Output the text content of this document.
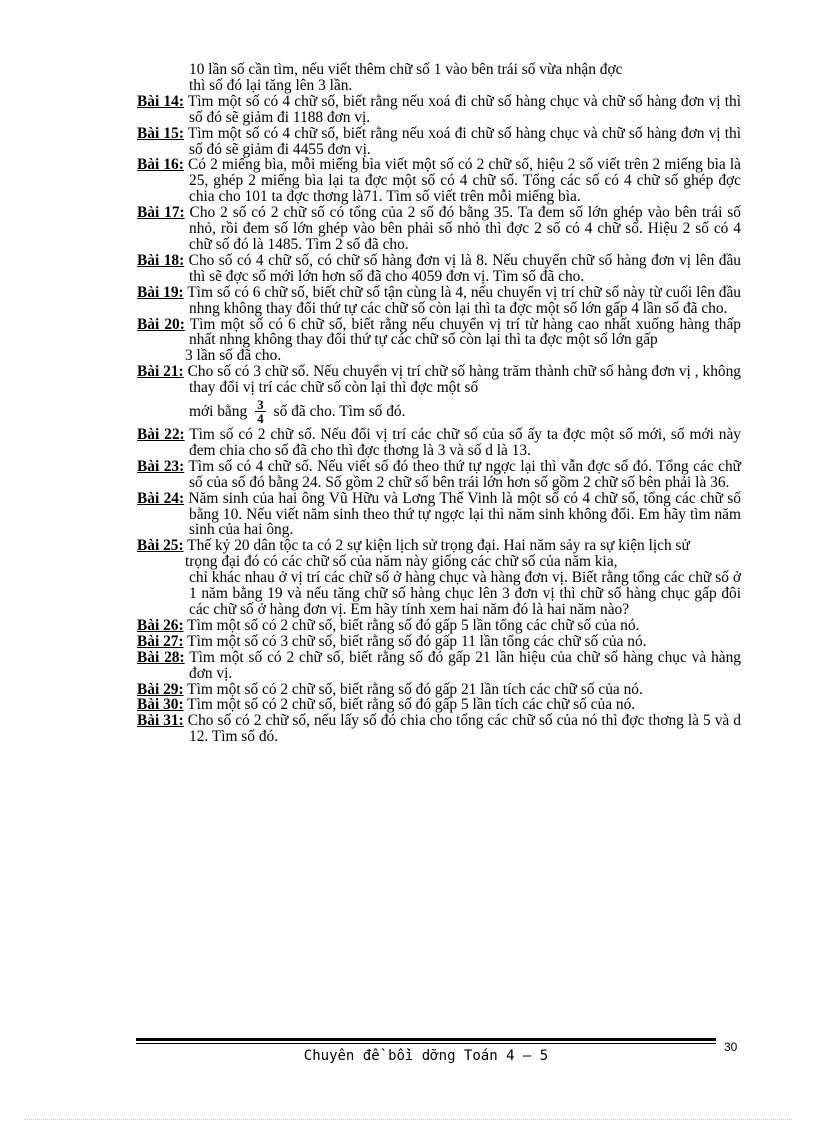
10 lần số cần tìm, nếu viết thêm chữ số 1 vào bên trái số vừa nhận đợc
thì số đó lại tăng lên 3 lần.
Bài 14: Tìm một số có 4 chữ số, biết rằng nếu xoá đi chữ số hàng chục và chữ số hàng đơn vị thì số đó sẽ giảm đi 1188 đơn vị.
Bài 15: Tìm một số có 4 chữ số, biết rằng nếu xoá đi chữ số hàng chục và chữ số hàng đơn vị thì số đó sẽ giảm đi 4455 đơn vị.
Bài 16: Có 2 miếng bìa, mỗi miếng bìa viết một số có 2 chữ số, hiệu 2 số viết trên 2 miếng bìa là 25, ghép 2 miếng bìa lại ta đợc một số có 4 chữ số. Tổng các số có 4 chữ số ghép đợc chia cho 101 ta đợc thơng là71. Tìm số viết trên mỗi miếng bìa.
Bài 17: Cho 2 số có 2 chữ số có tổng của 2 số đó bằng 35. Ta đem số lớn ghép vào bên trái số nhỏ, rồi đem số lớn ghép vào bên phải số nhỏ thì đợc 2 số có 4 chữ số. Hiệu 2 số có 4 chữ số đó là 1485. Tìm 2 số đã cho.
Bài 18: Cho số có 4 chữ số, có chữ số hàng đơn vị là 8. Nếu chuyển chữ số hàng đơn vị lên đầu thì sẽ đợc số mới lớn hơn số đã cho 4059 đơn vị. Tìm số đã cho.
Bài 19: Tìm số có 6 chữ số, biết chữ số tận cùng là 4, nếu chuyển vị trí chữ số này từ cuối lên đầu nhng không thay đổi thứ tự các chữ số còn lại thì ta đợc một số lớn gấp 4 lần số đã cho.
Bài 20: Tìm một số có 6 chữ số, biết rằng nếu chuyển vị trí từ hàng cao nhất xuống hàng thấp nhất nhng không thay đổi thứ tự các chữ số còn lại thì ta đợc một số lớn gấp
3 lần số đã cho.
Bài 21: Cho số có 3 chữ số. Nếu chuyển vị trí chữ số hàng trăm thành chữ số hàng đơn vị , không thay đổi vị trí các chữ số còn lại thì đợc một số
mới bằng $\frac{3}{4}$ số đã cho. Tìm số đó.
Bài 22: Tìm số có 2 chữ số. Nếu đổi vị trí các chữ số của số ấy ta đợc một số mới, số mới này đem chia cho số đã cho thì đợc thơng là 3 và số d là 13.
Bài 23: Tìm số có 4 chữ số. Nếu viết số đó theo thứ tự ngợc lại thì vẫn đợc số đó. Tổng các chữ số của số đó bằng 24. Số gồm 2 chữ số bên trái lớn hơn số gồm 2 chữ số bên phải là 36.
Bài 24: Năm sinh của hai ông Vũ Hữu và Lơng Thế Vinh là một số có 4 chữ số, tổng các chữ số bằng 10. Nếu viết năm sinh theo thứ tự ngợc lại thì năm sinh không đổi. Em hãy tìm năm sinh của hai ông.
Bài 25: Thế kỷ 20 dân tộc ta có 2 sự kiện lịch sử trọng đại. Hai năm sảy ra sự kiện lịch sử
trọng đại đó có các chữ số của năm này giống các chữ số của năm kia,
chỉ khác nhau ở vị trí các chữ số ở hàng chục và hàng đơn vị. Biết rằng tổng các chữ số ở 1 năm bằng 19 và nếu tăng chữ số hàng chục lên 3 đơn vị thì chữ số hàng chục gấp đôi các chữ số ở hàng đơn vị. Em hãy tính xem hai năm đó là hai năm nào?
Bài 26: Tìm một số có 2 chữ số, biết rằng số đó gấp 5 lần tổng các chữ số của nó.
Bài 27: Tìm một số có 3 chữ số, biết rằng số đó gấp 11 lần tổng các chữ số của nó.
Bài 28: Tìm một số có 2 chữ số, biết rằng số đó gấp 21 lần hiệu của chữ số hàng chục và hàng đơn vị.
Bài 29: Tìm một số có 2 chữ số, biết rằng số đó gấp 21 lần tích các chữ số của nó.
Bài 30: Tìm một số có 2 chữ số, biết rằng số đó gấp 5 lần tích các chữ số của nó.
Bài 31: Cho số có 2 chữ số, nếu lấy số đó chia cho tổng các chữ số của nó thì đợc thơng là 5 và d 12. Tìm số đó.
Chuyên đề bồi dỡng Toán 4 – 5
30
